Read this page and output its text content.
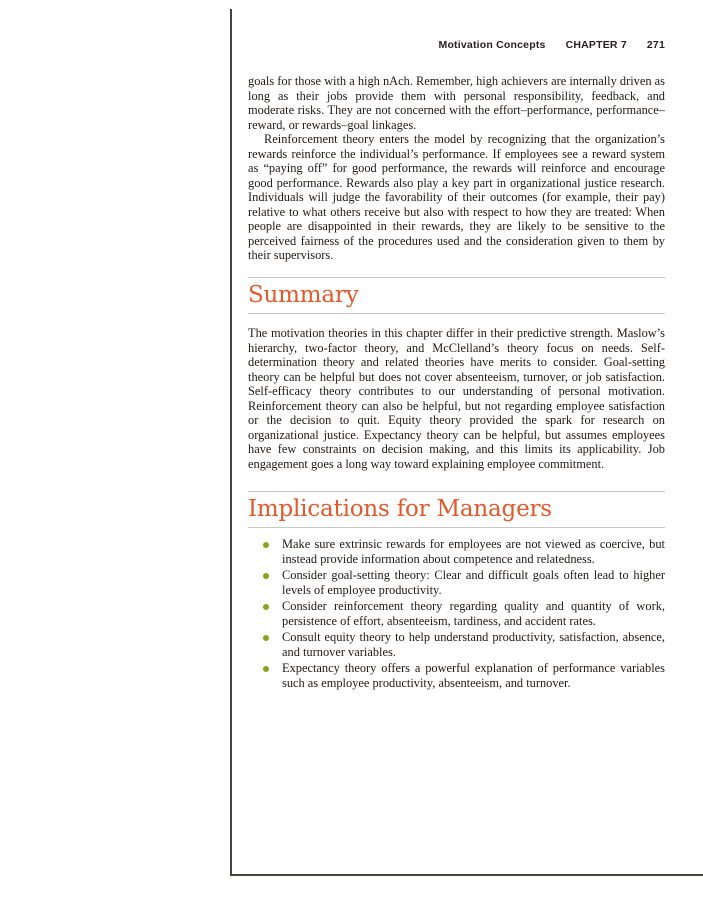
Motivation Concepts CHAPTER 7 271

goals for those with a high nAch. Remember, high achievers are internally driven as long as their jobs provide them with personal responsibility, feedback, and moderate risks. They are not concerned with the effort–performance, performance–reward, or rewards–goal linkages.

Reinforcement theory enters the model by recognizing that the organization’s rewards reinforce the individual’s performance. If employees see a reward system as “paying off” for good performance, the rewards will reinforce and encourage good performance. Rewards also play a key part in organizational justice research. Individuals will judge the favorability of their outcomes (for example, their pay) relative to what others receive but also with respect to how they are treated: When people are disappointed in their rewards, they are likely to be sensitive to the perceived fairness of the procedures used and the consideration given to them by their supervisors.

Summary

The motivation theories in this chapter differ in their predictive strength. Maslow’s hierarchy, two-factor theory, and McClelland’s theory focus on needs. Self-determination theory and related theories have merits to consider. Goal-setting theory can be helpful but does not cover absenteeism, turnover, or job satisfaction. Self-efficacy theory contributes to our understanding of personal motivation. Reinforcement theory can also be helpful, but not regarding employee satisfaction or the decision to quit. Equity theory provided the spark for research on organizational justice. Expectancy theory can be helpful, but assumes employees have few constraints on decision making, and this limits its applicability. Job engagement goes a long way toward explaining employee commitment.

Implications for Managers
Make sure extrinsic rewards for employees are not viewed as coercive, but instead provide information about competence and relatedness.
Consider goal-setting theory: Clear and difficult goals often lead to higher levels of employee productivity.
Consider reinforcement theory regarding quality and quantity of work, persistence of effort, absenteeism, tardiness, and accident rates.
Consult equity theory to help understand productivity, satisfaction, absence, and turnover variables.
Expectancy theory offers a powerful explanation of performance variables such as employee productivity, absenteeism, and turnover.
